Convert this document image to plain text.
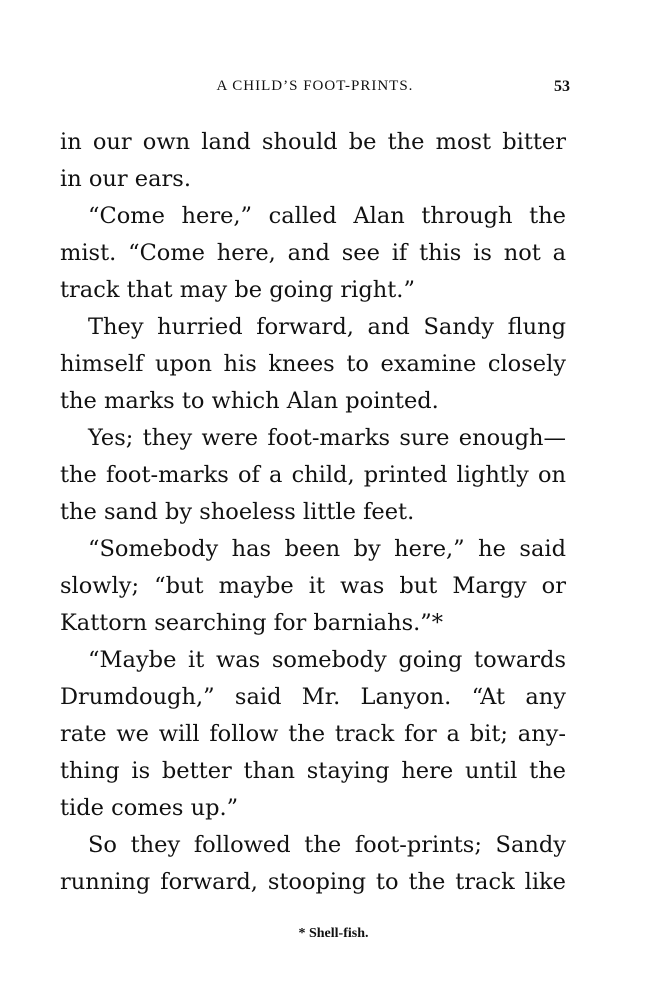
A CHILD’S FOOT-PRINTS.	53
in our own land should be the most bitter
in our ears.
“Come here,” called Alan through the
mist. “Come here, and see if this is not a
track that may be going right.”
They hurried forward, and Sandy flung
himself upon his knees to examine closely
the marks to which Alan pointed.
Yes; they were foot-marks sure enough—
the foot-marks of a child, printed lightly on
the sand by shoeless little feet.
“Somebody has been by here,” he said
slowly; “but maybe it was but Margy or
Kattorn searching for barniahs.”*
“Maybe it was somebody going towards
Drumdough,” said Mr. Lanyon. “At any
rate we will follow the track for a bit; any-
thing is better than staying here until the
tide comes up.”
So they followed the foot-prints; Sandy
running forward, stooping to the track like
* Shell-fish.
